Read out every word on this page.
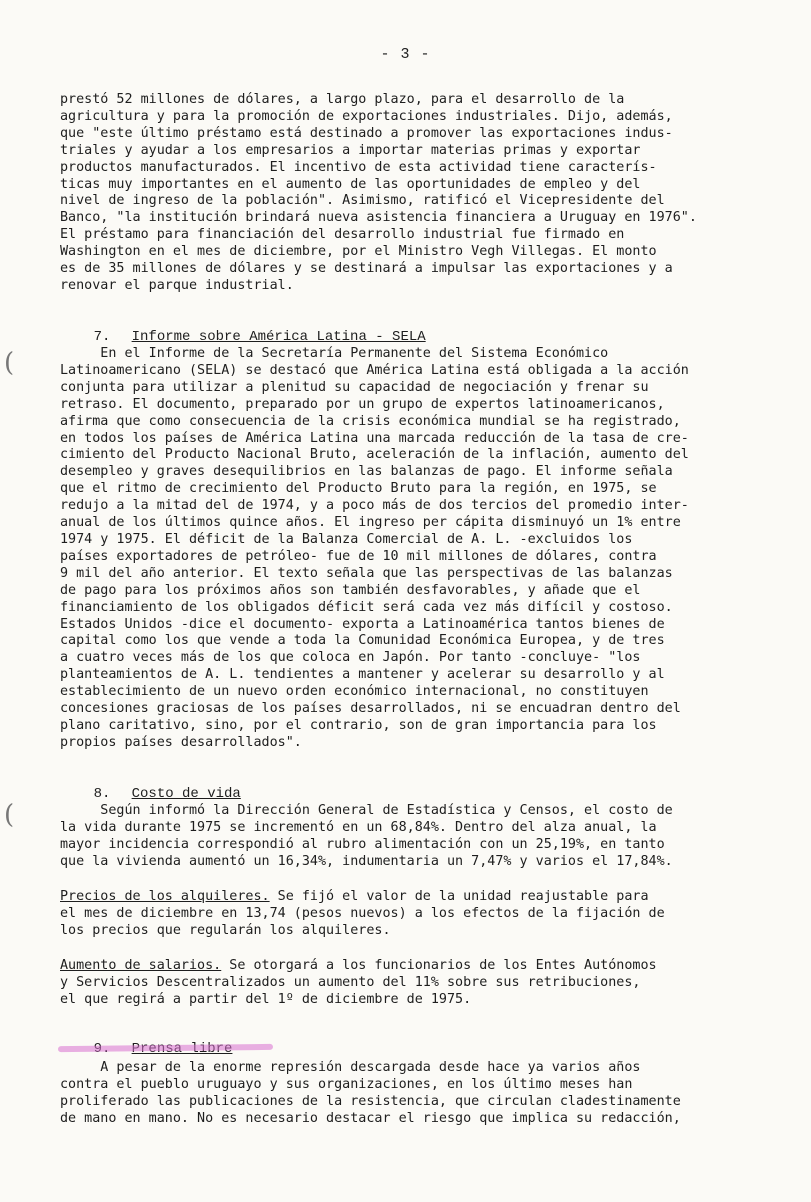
- 3 -
prestó 52 millones de dólares, a largo plazo, para el desarrollo de la
agricultura y para la promoción de exportaciones industriales. Dijo, además,
que "este último préstamo está destinado a promover las exportaciones indus-
triales y ayudar a los empresarios a importar materias primas y exportar
productos manufacturados. El incentivo de esta actividad tiene caracterís-
ticas muy importantes en el aumento de las oportunidades de empleo y del
nivel de ingreso de la población". Asimismo, ratificó el Vicepresidente del
Banco, "la institución brindará nueva asistencia financiera a Uruguay en 1976".
El préstamo para financiación del desarrollo industrial fue firmado en
Washington en el mes de diciembre, por el Ministro Vegh Villegas. El monto
es de 35 millones de dólares y se destinará a impulsar las exportaciones y a
renovar el parque industrial.

7. Informe sobre América Latina - SELA

(	En el Informe de la Secretaría Permanente del Sistema Económico
Latinoamericano (SELA) se destacó que América Latina está obligada a la acción
conjunta para utilizar a plenitud su capacidad de negociación y frenar su
retraso. El documento, preparado por un grupo de expertos latinoamericanos,
afirma que como consecuencia de la crisis económica mundial se ha registrado,
en todos los países de América Latina una marcada reducción de la tasa de cre-
cimiento del Producto Nacional Bruto, aceleración de la inflación, aumento del
desempleo y graves desequilibrios en las balanzas de pago. El informe señala
que el ritmo de crecimiento del Producto Bruto para la región, en 1975, se
redujo a la mitad del de 1974, y a poco más de dos tercios del promedio inter-
anual de los últimos quince años. El ingreso per cápita disminuyó un 1% entre
1974 y 1975. El déficit de la Balanza Comercial de A. L. -excluidos los
países exportadores de petróleo- fue de 10 mil millones de dólares, contra
9 mil del año anterior. El texto señala que las perspectivas de las balanzas
de pago para los próximos años son también desfavorables, y añade que el
financiamiento de los obligados déficit será cada vez más difícil y costoso.
Estados Unidos -dice el documento- exporta a Latinoamérica tantos bienes de
capital como los que vende a toda la Comunidad Económica Europea, y de tres
a cuatro veces más de los que coloca en Japón. Por tanto -concluye- "los
planteamientos de A. L. tendientes a mantener y acelerar su desarrollo y al
establecimiento de un nuevo orden económico internacional, no constituyen
concesiones graciosas de los países desarrollados, ni se encuadran dentro del
plano caritativo, sino, por el contrario, son de gran importancia para los
propios países desarrollados".

8. Costo de vida

(	Según informó la Dirección General de Estadística y Censos, el costo de
la vida durante 1975 se incrementó en un 68,84%. Dentro del alza anual, la
mayor incidencia correspondió al rubro alimentación con un 25,19%, en tanto
que la vivienda aumentó un 16,34%, indumentaria un 7,47% y varios el 17,84%.
Precios de los alquileres. Se fijó el valor de la unidad reajustable para
el mes de diciembre en 13,74 (pesos nuevos) a los efectos de la fijación de
los precios que regularán los alquileres.
Aumento de salarios. Se otorgará a los funcionarios de los Entes Autónomos
y Servicios Descentralizados un aumento del 11% sobre sus retribuciones,
el que regirá a partir del 1º de diciembre de 1975.

A pesar de la enorme represión descargada desde hace ya varios años
contra el pueblo uruguayo y sus organizaciones, en los último meses han
proliferado las publicaciones de la resistencia, que circulan cladestinamente
de mano en mano. No es necesario destacar el riesgo que implica su redacción,
